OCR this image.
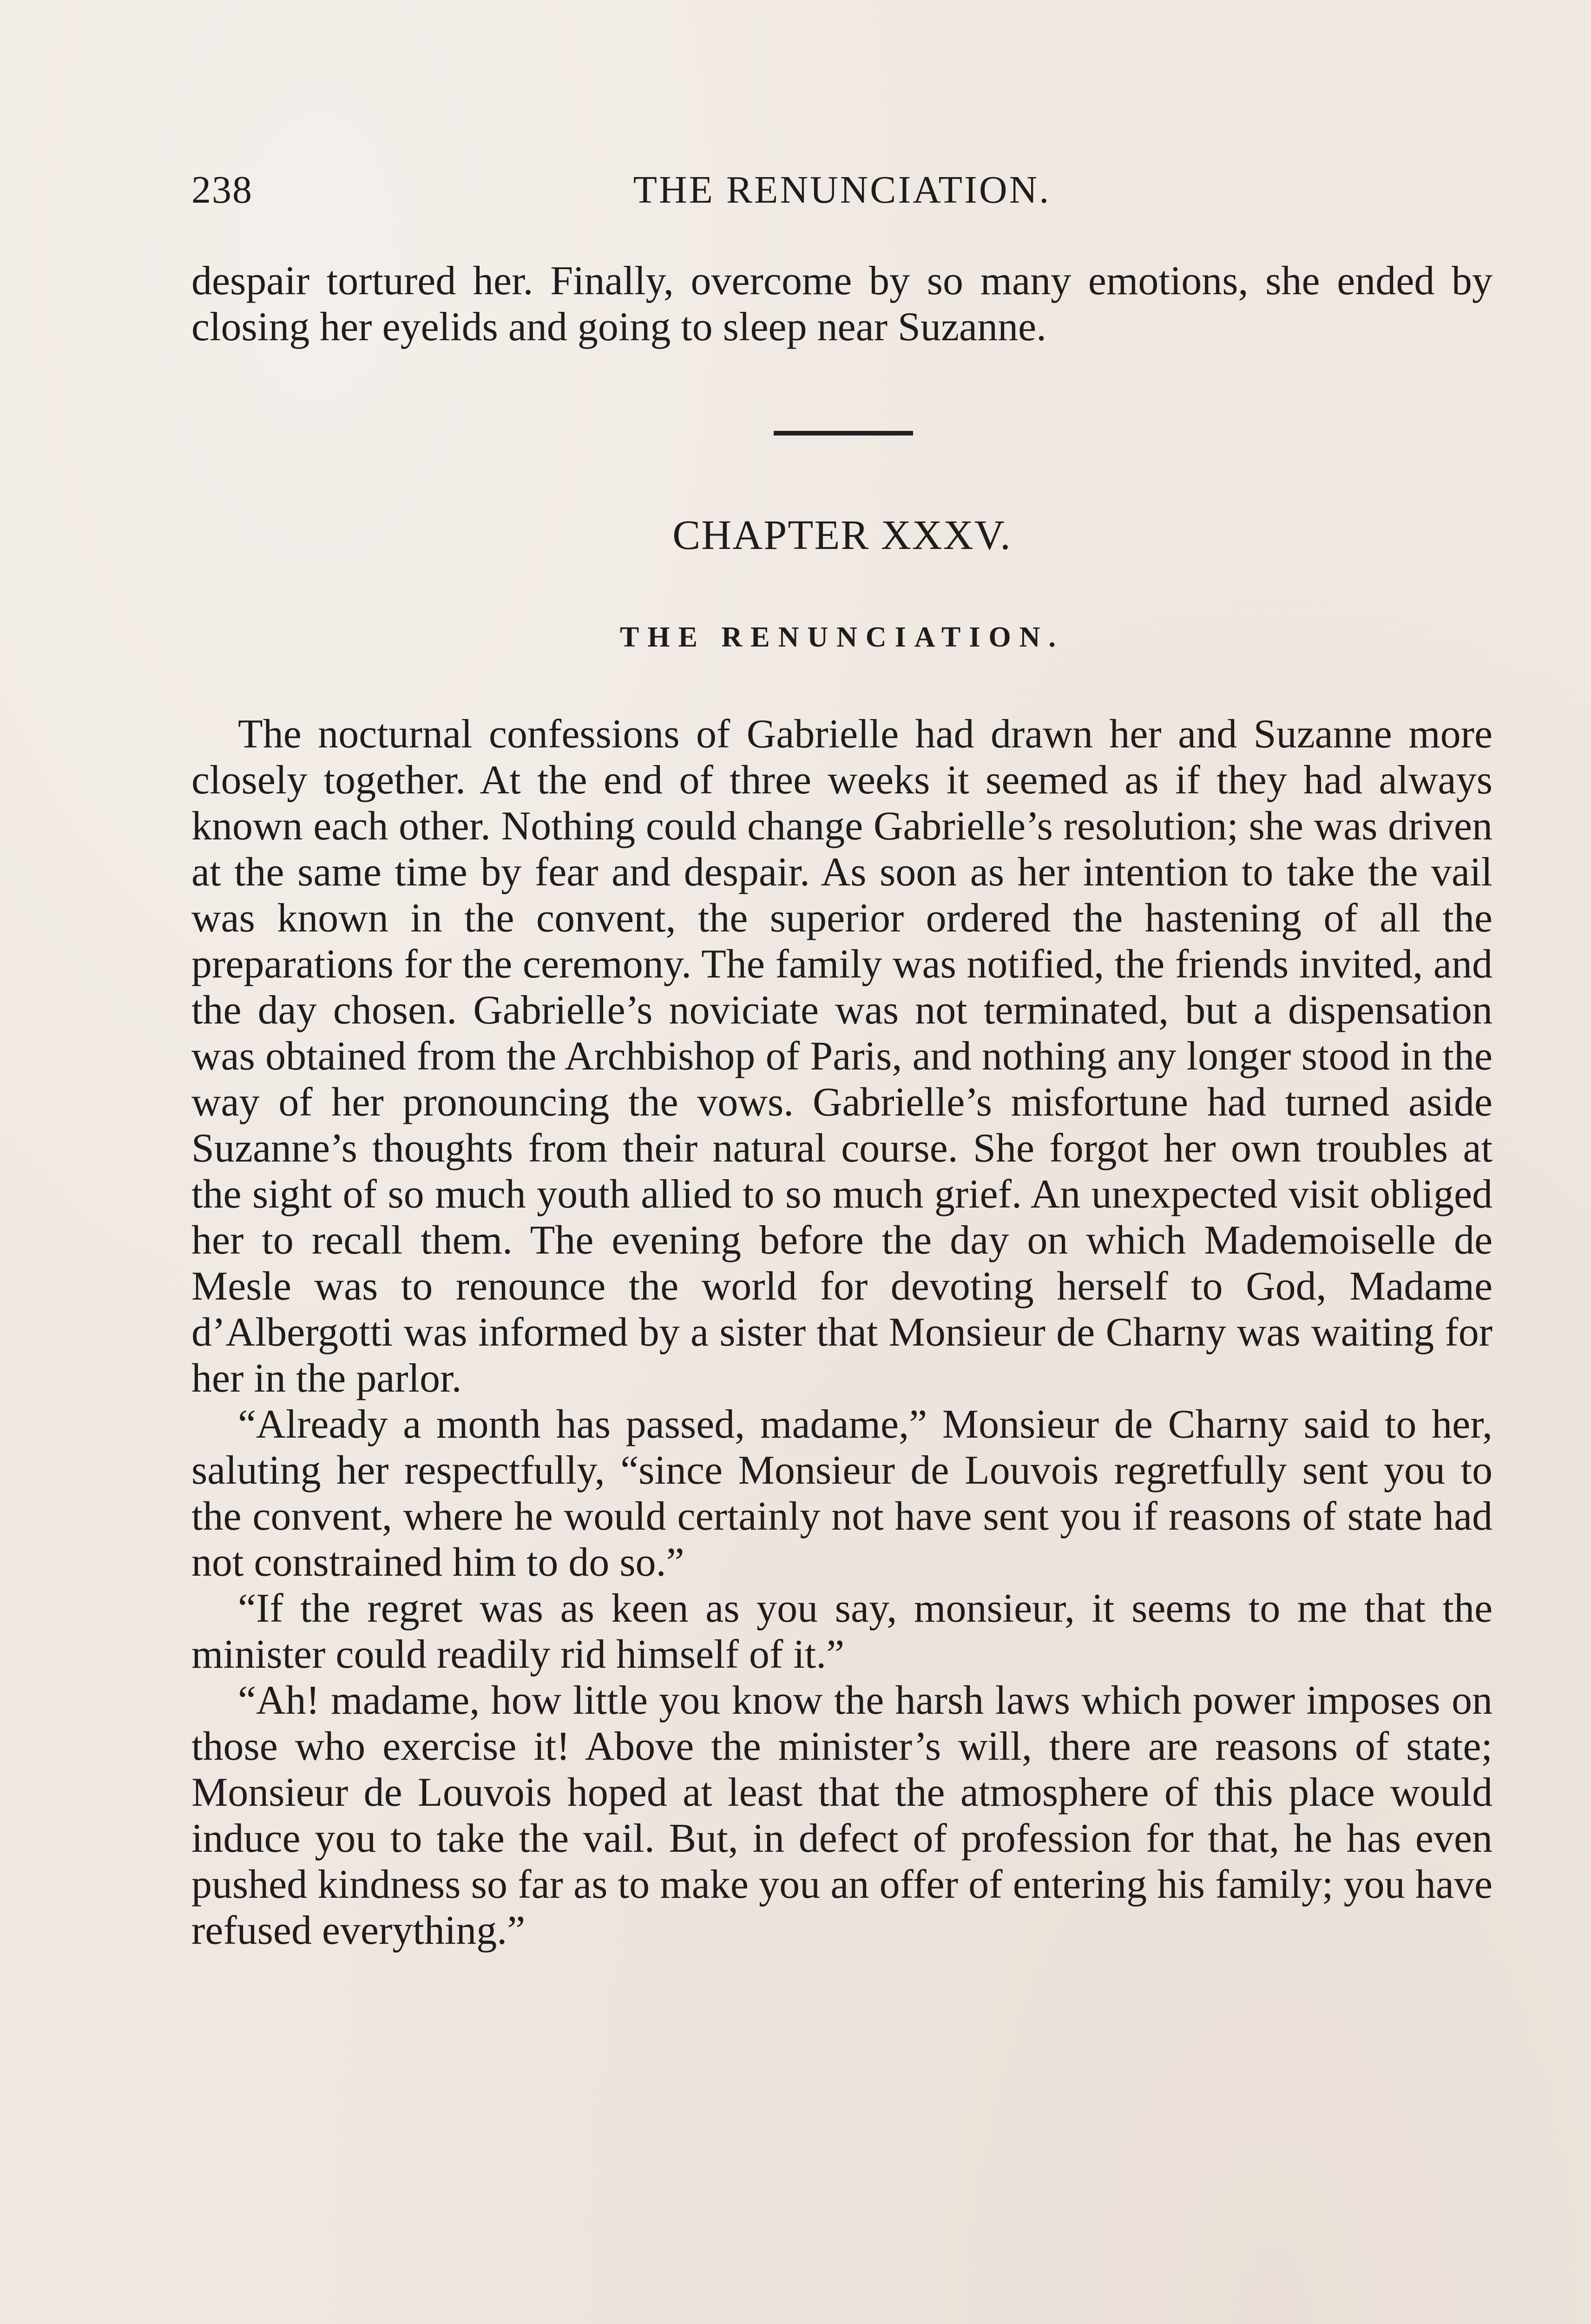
238	THE RENUNCIATION.

despair tortured her. Finally, overcome by so many emotions, she ended by closing her eyelids and going to sleep near Suzanne.

CHAPTER XXXV.
THE RENUNCIATION.

The nocturnal confessions of Gabrielle had drawn her and Suzanne more closely together. At the end of three weeks it seemed as if they had always known each other. Nothing could change Gabrielle’s resolution; she was driven at the same time by fear and despair. As soon as her intention to take the vail was known in the convent, the superior ordered the hastening of all the preparations for the ceremony. The family was notified, the friends invited, and the day chosen. Gabrielle’s noviciate was not terminated, but a dispensation was obtained from the Archbishop of Paris, and nothing any longer stood in the way of her pronouncing the vows. Gabrielle’s misfortune had turned aside Suzanne’s thoughts from their natural course. She forgot her own troubles at the sight of so much youth allied to so much grief. An unexpected visit obliged her to recall them. The evening before the day on which Mademoiselle de Mesle was to renounce the world for devoting herself to God, Madame d’Albergotti was informed by a sister that Monsieur de Charny was waiting for her in the parlor.

“Already a month has passed, madame,” Monsieur de Charny said to her, saluting her respectfully, “since Monsieur de Louvois regretfully sent you to the convent, where he would certainly not have sent you if reasons of state had not constrained him to do so.”

“If the regret was as keen as you say, monsieur, it seems to me that the minister could readily rid himself of it.”

“Ah! madame, how little you know the harsh laws which power imposes on those who exercise it! Above the minister’s will, there are reasons of state; Monsieur de Louvois hoped at least that the atmosphere of this place would induce you to take the vail. But, in defect of profession for that, he has even pushed kindness so far as to make you an offer of entering his family; you have refused everything.”
